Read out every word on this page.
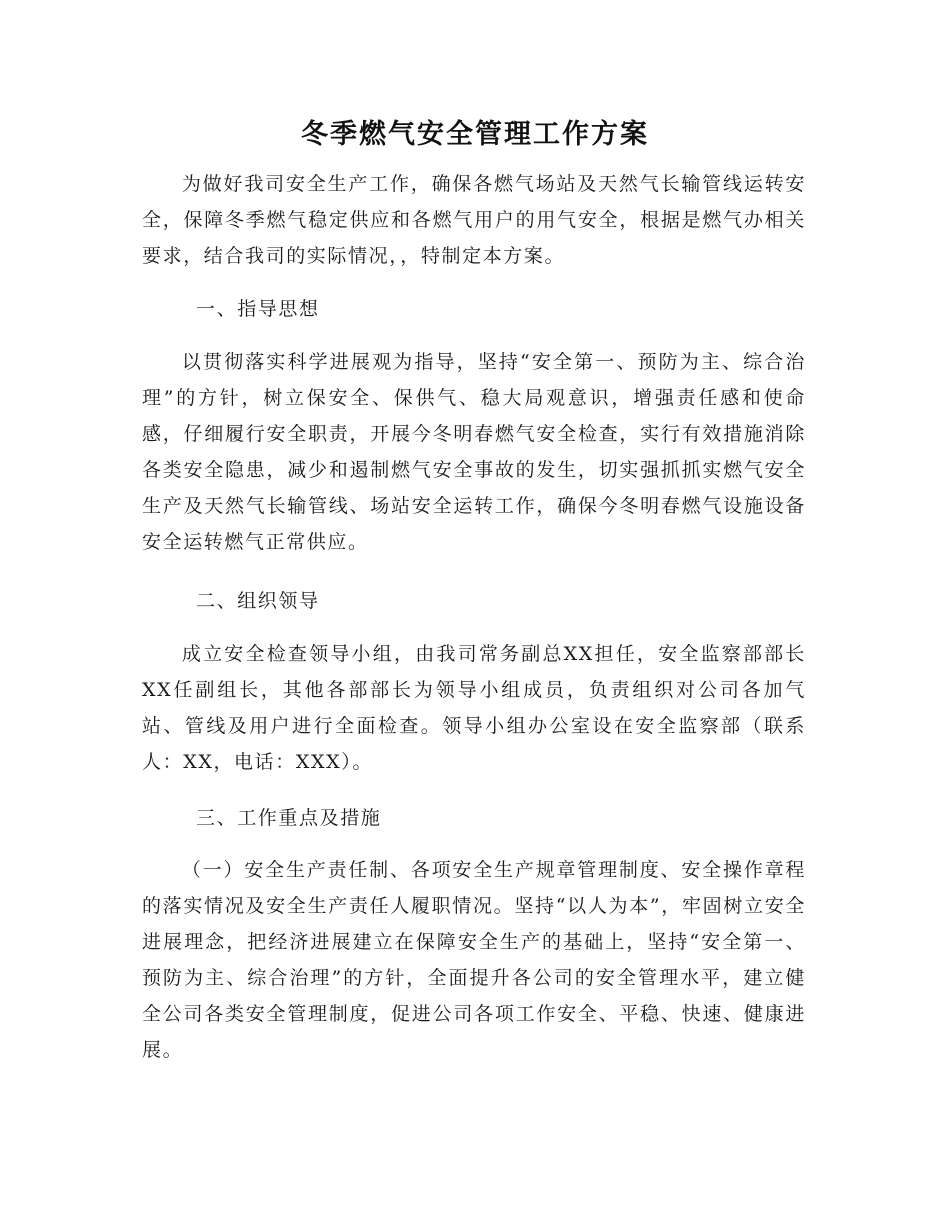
冬季燃气安全管理工作方案

为做好我司安全生产工作，确保各燃气场站及天然气长输管线运转安全，保障冬季燃气稳定供应和各燃气用户的用气安全，根据是燃气办相关要求，结合我司的实际情况，，特制定本方案。

一、指导思想

以贯彻落实科学进展观为指导，坚持“安全第一、预防为主、综合治理”的方针，树立保安全、保供气、稳大局观意识，增强责任感和使命感，仔细履行安全职责，开展今冬明春燃气安全检查，实行有效措施消除各类安全隐患，减少和遏制燃气安全事故的发生，切实强抓抓实燃气安全生产及天然气长输管线、场站安全运转工作，确保今冬明春燃气设施设备安全运转燃气正常供应。

二、组织领导

成立安全检查领导小组，由我司常务副总XX担任，安全监察部部长XX任副组长，其他各部部长为领导小组成员，负责组织对公司各加气站、管线及用户进行全面检查。领导小组办公室设在安全监察部（联系人：XX，电话：XXX）。

三、工作重点及措施

（一）安全生产责任制、各项安全生产规章管理制度、安全操作章程的落实情况及安全生产责任人履职情况。坚持“以人为本”，牢固树立安全进展理念，把经济进展建立在保障安全生产的基础上，坚持“安全第一、预防为主、综合治理”的方针，全面提升各公司的安全管理水平，建立健全公司各类安全管理制度，促进公司各项工作安全、平稳、快速、健康进展。
